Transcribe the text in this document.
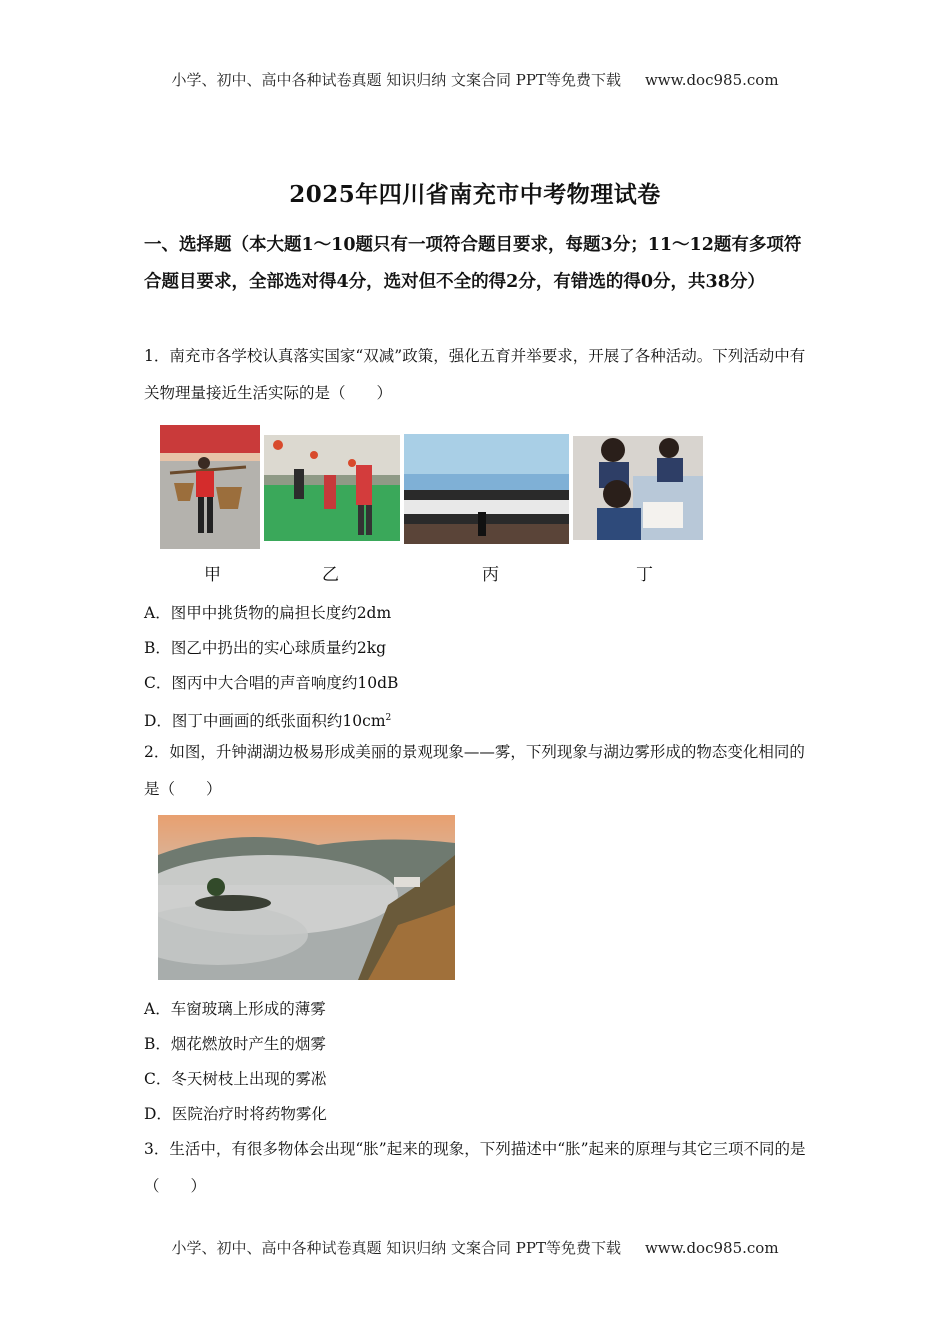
小学、初中、高中各种试卷真题 知识归纳 文案合同 PPT等免费下载 www.doc985.com
2025年四川省南充市中考物理试卷
一、选择题（本大题1～10题只有一项符合题目要求，每题3分；11～12题有多项符合题目要求，全部选对得4分，选对但不全的得2分，有错选的得0分，共38分）
1．南充市各学校认真落实国家“双减”政策，强化五育并举要求，开展了各种活动。下列活动中有关物理量接近生活实际的是（　　）
甲	乙	丙	丁
A．图甲中挑货物的扁担长度约2dm
B．图乙中扔出的实心球质量约2kg
C．图丙中大合唱的声音响度约10dB
D．图丁中画画的纸张面积约$10cm^2$
2．如图，升钟湖湖边极易形成美丽的景观现象——雾，下列现象与湖边雾形成的物态变化相同的是（　　）
A．车窗玻璃上形成的薄雾
B．烟花燃放时产生的烟雾
C．冬天树枝上出现的雾凇
D．医院治疗时将药物雾化
3．生活中，有很多物体会出现“胀”起来的现象，下列描述中“胀”起来的原理与其它三项不同的是（　　）
小学、初中、高中各种试卷真题 知识归纳 文案合同 PPT等免费下载 www.doc985.com
